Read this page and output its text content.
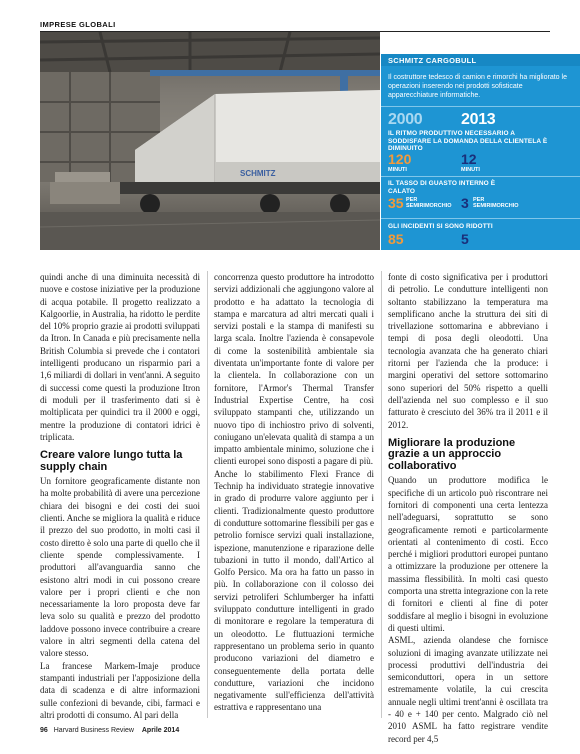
IMPRESE GLOBALI
SCHMITZ
SCHMITZ CARGOBULL
Il costruttore tedesco di camion e rimorchi ha migliorato le operazioni inserendo nei prodotti sofisticate apparecchiature informatiche.
2000 2013
IL RITMO PRODUTTIVO NECESSARIO A SODDISFARE LA DOMANDA DELLA CLIENTELA È DIMINUITO
120	12
MINUTI	MINUTI
IL TASSO DI GUASTO INTERNO È CALATO
35 PER SEMIRIMORCHIO 3 PER SEMIRIMORCHIO
GLI INCIDENTI SI SONO RIDOTTI
85	5

quindi anche di una diminuita necessità di nuove e costose iniziative per la produzione di acqua potabile. Il progetto realizzato a Kalgoorlie, in Australia, ha ridotto le perdite del 10% proprio grazie ai prodotti sviluppati da Itron. In Canada e più precisamente nella British Columbia si prevede che i contatori intelligenti producano un risparmio pari a 1,6 miliardi di dollari in vent'anni. A seguito di successi come questi la produzione Itron di moduli per il trasferimento dati si è moltiplicata per quindici tra il 2000 e oggi, mentre la produzione di contatori idrici è triplicata.

Creare valore lungo tutta la supply chain

Un fornitore geograficamente distante non ha molte probabilità di avere una percezione chiara dei bisogni e dei costi dei suoi clienti. Anche se migliora la qualità e riduce il prezzo del suo prodotto, in molti casi il costo diretto è solo una parte di quello che il cliente spende complessivamente. I produttori all'avanguardia sanno che esistono altri modi in cui possono creare valore per i propri clienti e che non necessariamente la loro proposta deve far leva solo su qualità e prezzo del prodotto laddove possono invece contribuire a creare valore in altri segmenti della catena del valore stesso.

La francese Markem-Imaje produce stampanti industriali per l'apposizione della data di scadenza e di altre informazioni sulle confezioni di bevande, cibi, farmaci e altri prodotti di consumo. Al pari della

concorrenza questo produttore ha introdotto servizi addizionali che aggiungono valore al prodotto e ha adattato la tecnologia di stampa e marcatura ad altri mercati quali i servizi postali e la stampa di manifesti su larga scala. Inoltre l'azienda è consapevole di come la sostenibilità ambientale sia diventata un'importante fonte di valore per la clientela. In collaborazione con un fornitore, l'Armor's Thermal Transfer Industrial Expertise Centre, ha così sviluppato stampanti che, utilizzando un nuovo tipo di inchiostro privo di solventi, coniugano un'elevata qualità di stampa a un impatto ambientale minimo, soluzione che i clienti europei sono disposti a pagare di più.

Anche lo stabilimento Flexi France di Technip ha individuato strategie innovative in grado di produrre valore aggiunto per i clienti. Tradizionalmente questo produttore di condutture sottomarine flessibili per gas e petrolio fornisce servizi quali installazione, ispezione, manutenzione e riparazione delle tubazioni in tutto il mondo, dall'Artico al Golfo Persico. Ma ora ha fatto un passo in più. In collaborazione con il colosso dei servizi petroliferi Schlumberger ha infatti sviluppato condutture intelligenti in grado di monitorare e regolare la temperatura di un oleodotto. Le fluttuazioni termiche rappresentano un problema serio in quanto producono variazioni del diametro e conseguentemente della portata delle condutture, variazioni che incidono negativamente sull'efficienza dell'attività estrattiva e rappresentano una

fonte di costo significativa per i produttori di petrolio. Le condutture intelligenti non soltanto stabilizzano la temperatura ma semplificano anche la struttura dei siti di trivellazione sottomarina e abbreviano i tempi di posa degli oleodotti. Una tecnologia avanzata che ha generato chiari ritorni per l'azienda che la produce: i margini operativi del settore sottomarino sono superiori del 50% rispetto a quelli dell'azienda nel suo complesso e il suo fatturato è cresciuto del 36% tra il 2011 e il 2012.

Migliorare la produzione grazie a un approccio collaborativo

Quando un produttore modifica le specifiche di un articolo può riscontrare nei fornitori di componenti una certa lentezza nell'adeguarsi, soprattutto se sono geograficamente remoti e particolarmente orientati al contenimento di costi. Ecco perché i migliori produttori europei puntano a ottimizzare la produzione per ottenere la massima flessibilità. In molti casi questo comporta una stretta integrazione con la rete di fornitori e clienti al fine di poter soddisfare al meglio i bisogni in evoluzione di questi ultimi.

ASML, azienda olandese che fornisce soluzioni di imaging avanzate utilizzate nei processi produttivi dell'industria dei semiconduttori, opera in un settore estremamente volatile, la cui crescita annuale negli ultimi trent'anni è oscillata tra - 40 e + 140 per cento. Malgrado ciò nel 2010 ASML ha fatto registrare vendite record per 4,5

96 Harvard Business Review Aprile 2014
